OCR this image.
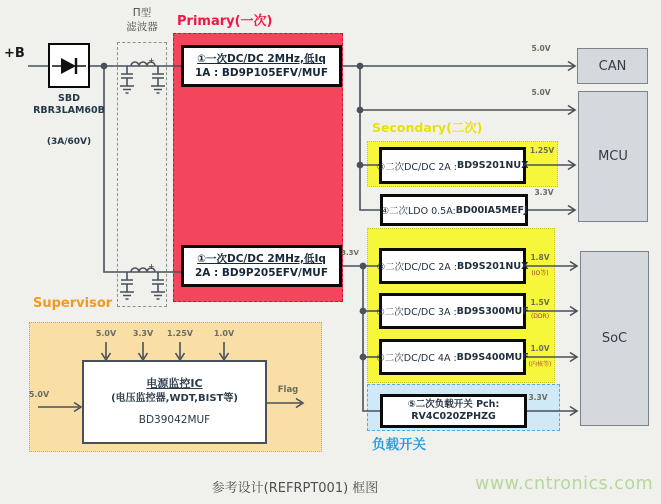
+
+
+B
SBD
RBR3LAM60B
(3A/60V)
Π型
滤波器	Primary(一次)
①一次DC/DC 2MHz,低Iq
1A : BD9P105EFV/MUF
①一次DC/DC 2MHz,低Iq
2A : BD9P205EFV/MUF
3.3V
Secondary(二次)
③二次DC/DC 2A : BD9S201NUX
1.25V
④二次LDO 0.5A: BD00IA5MEFJ
3.3V
③二次DC/DC 2A : BD9S201NUX
1.8V
(IO等)
②二次DC/DC 3A : BD9S300MUF
1.5V
(DDR)
②二次DC/DC 4A : BD9S400MUF
1.0V
(内核等)
⑤二次负载开关 Pch:
RV4C020ZPHZG
3.3V
负载开关
5.0V
CAN
5.0V
MCU
SoC
Supervisor
5.0V	3.3V	1.25V	1.0V
5.0V	Flag
电源监控IC
(电压监控器,WDT,BIST等)
BD39042MUF
参考设计(REFRPT001) 框图	www.cntronics.com
